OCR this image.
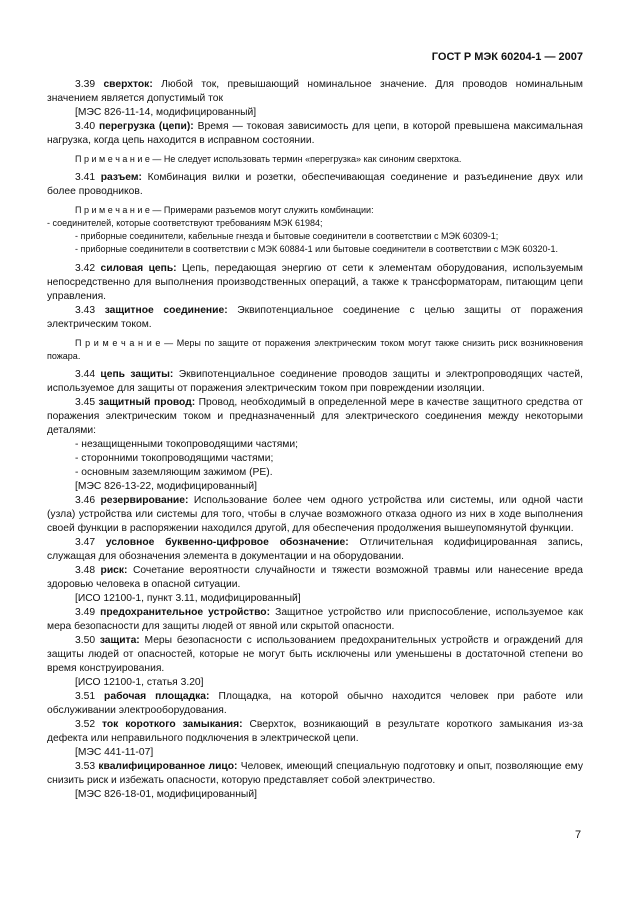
ГОСТ Р МЭК 60204-1 — 2007

3.39 сверхток: Любой ток, превышающий номинальное значение. Для проводов номинальным значением является допустимый ток

[МЭС 826-11-14, модифицированный]

3.40 перегрузка (цепи): Время — токовая зависимость для цепи, в которой превышена максимальная нагрузка, когда цепь находится в исправном состоянии.

П р и м е ч а н и е — Не следует использовать термин «перегрузка» как синоним сверхтока.

3.41 разъем: Комбинация вилки и розетки, обеспечивающая соединение и разъединение двух или более проводников.

П р и м е ч а н и е — Примерами разъемов могут служить комбинации:
- соединителей, которые соответствуют требованиям МЭК 61984;
- приборные соединители, кабельные гнезда и бытовые соединители в соответствии с МЭК 60309-1;
- приборные соединители в соответствии с МЭК 60884-1 или бытовые соединители в соответствии с МЭК 60320-1.

3.42 силовая цепь: Цепь, передающая энергию от сети к элементам оборудования, используемым непосредственно для выполнения производственных операций, а также к трансформаторам, питающим цепи управления.

3.43 защитное соединение: Эквипотенциальное соединение с целью защиты от поражения электрическим током.

П р и м е ч а н и е — Меры по защите от поражения электрическим током могут также снизить риск возникновения пожара.

3.44 цепь защиты: Эквипотенциальное соединение проводов защиты и электропроводящих частей, используемое для защиты от поражения электрическим током при повреждении изоляции.

3.45 защитный провод: Провод, необходимый в определенной мере в качестве защитного средства от поражения электрическим током и предназначенный для электрического соединения между некоторыми деталями:

- незащищенными токопроводящими частями;

- сторонними токопроводящими частями;

- основным заземляющим зажимом (РЕ).

[МЭС 826-13-22, модифицированный]

3.46 резервирование: Использование более чем одного устройства или системы, или одной части (узла) устройства или системы для того, чтобы в случае возможного отказа одного из них в ходе выполнения своей функции в распоряжении находился другой, для обеспечения продолжения вышеупомянутой функции.

3.47 условное буквенно-цифровое обозначение: Отличительная кодифицированная запись, служащая для обозначения элемента в документации и на оборудовании.

3.48 риск: Сочетание вероятности случайности и тяжести возможной травмы или нанесение вреда здоровью человека в опасной ситуации.

[ИСО 12100-1, пункт 3.11, модифицированный]

3.49 предохранительное устройство: Защитное устройство или приспособление, используемое как мера безопасности для защиты людей от явной или скрытой опасности.

3.50 защита: Меры безопасности с использованием предохранительных устройств и ограждений для защиты людей от опасностей, которые не могут быть исключены или уменьшены в достаточной степени во время конструирования.

[ИСО 12100-1, статья 3.20]

3.51 рабочая площадка: Площадка, на которой обычно находится человек при работе или обслуживании электрооборудования.

3.52 ток короткого замыкания: Сверхток, возникающий в результате короткого замыкания из-за дефекта или неправильного подключения в электрической цепи.

[МЭС 441-11-07]

3.53 квалифицированное лицо: Человек, имеющий специальную подготовку и опыт, позволяющие ему снизить риск и избежать опасности, которую представляет собой электричество.

[МЭС 826-18-01, модифицированный]

7
